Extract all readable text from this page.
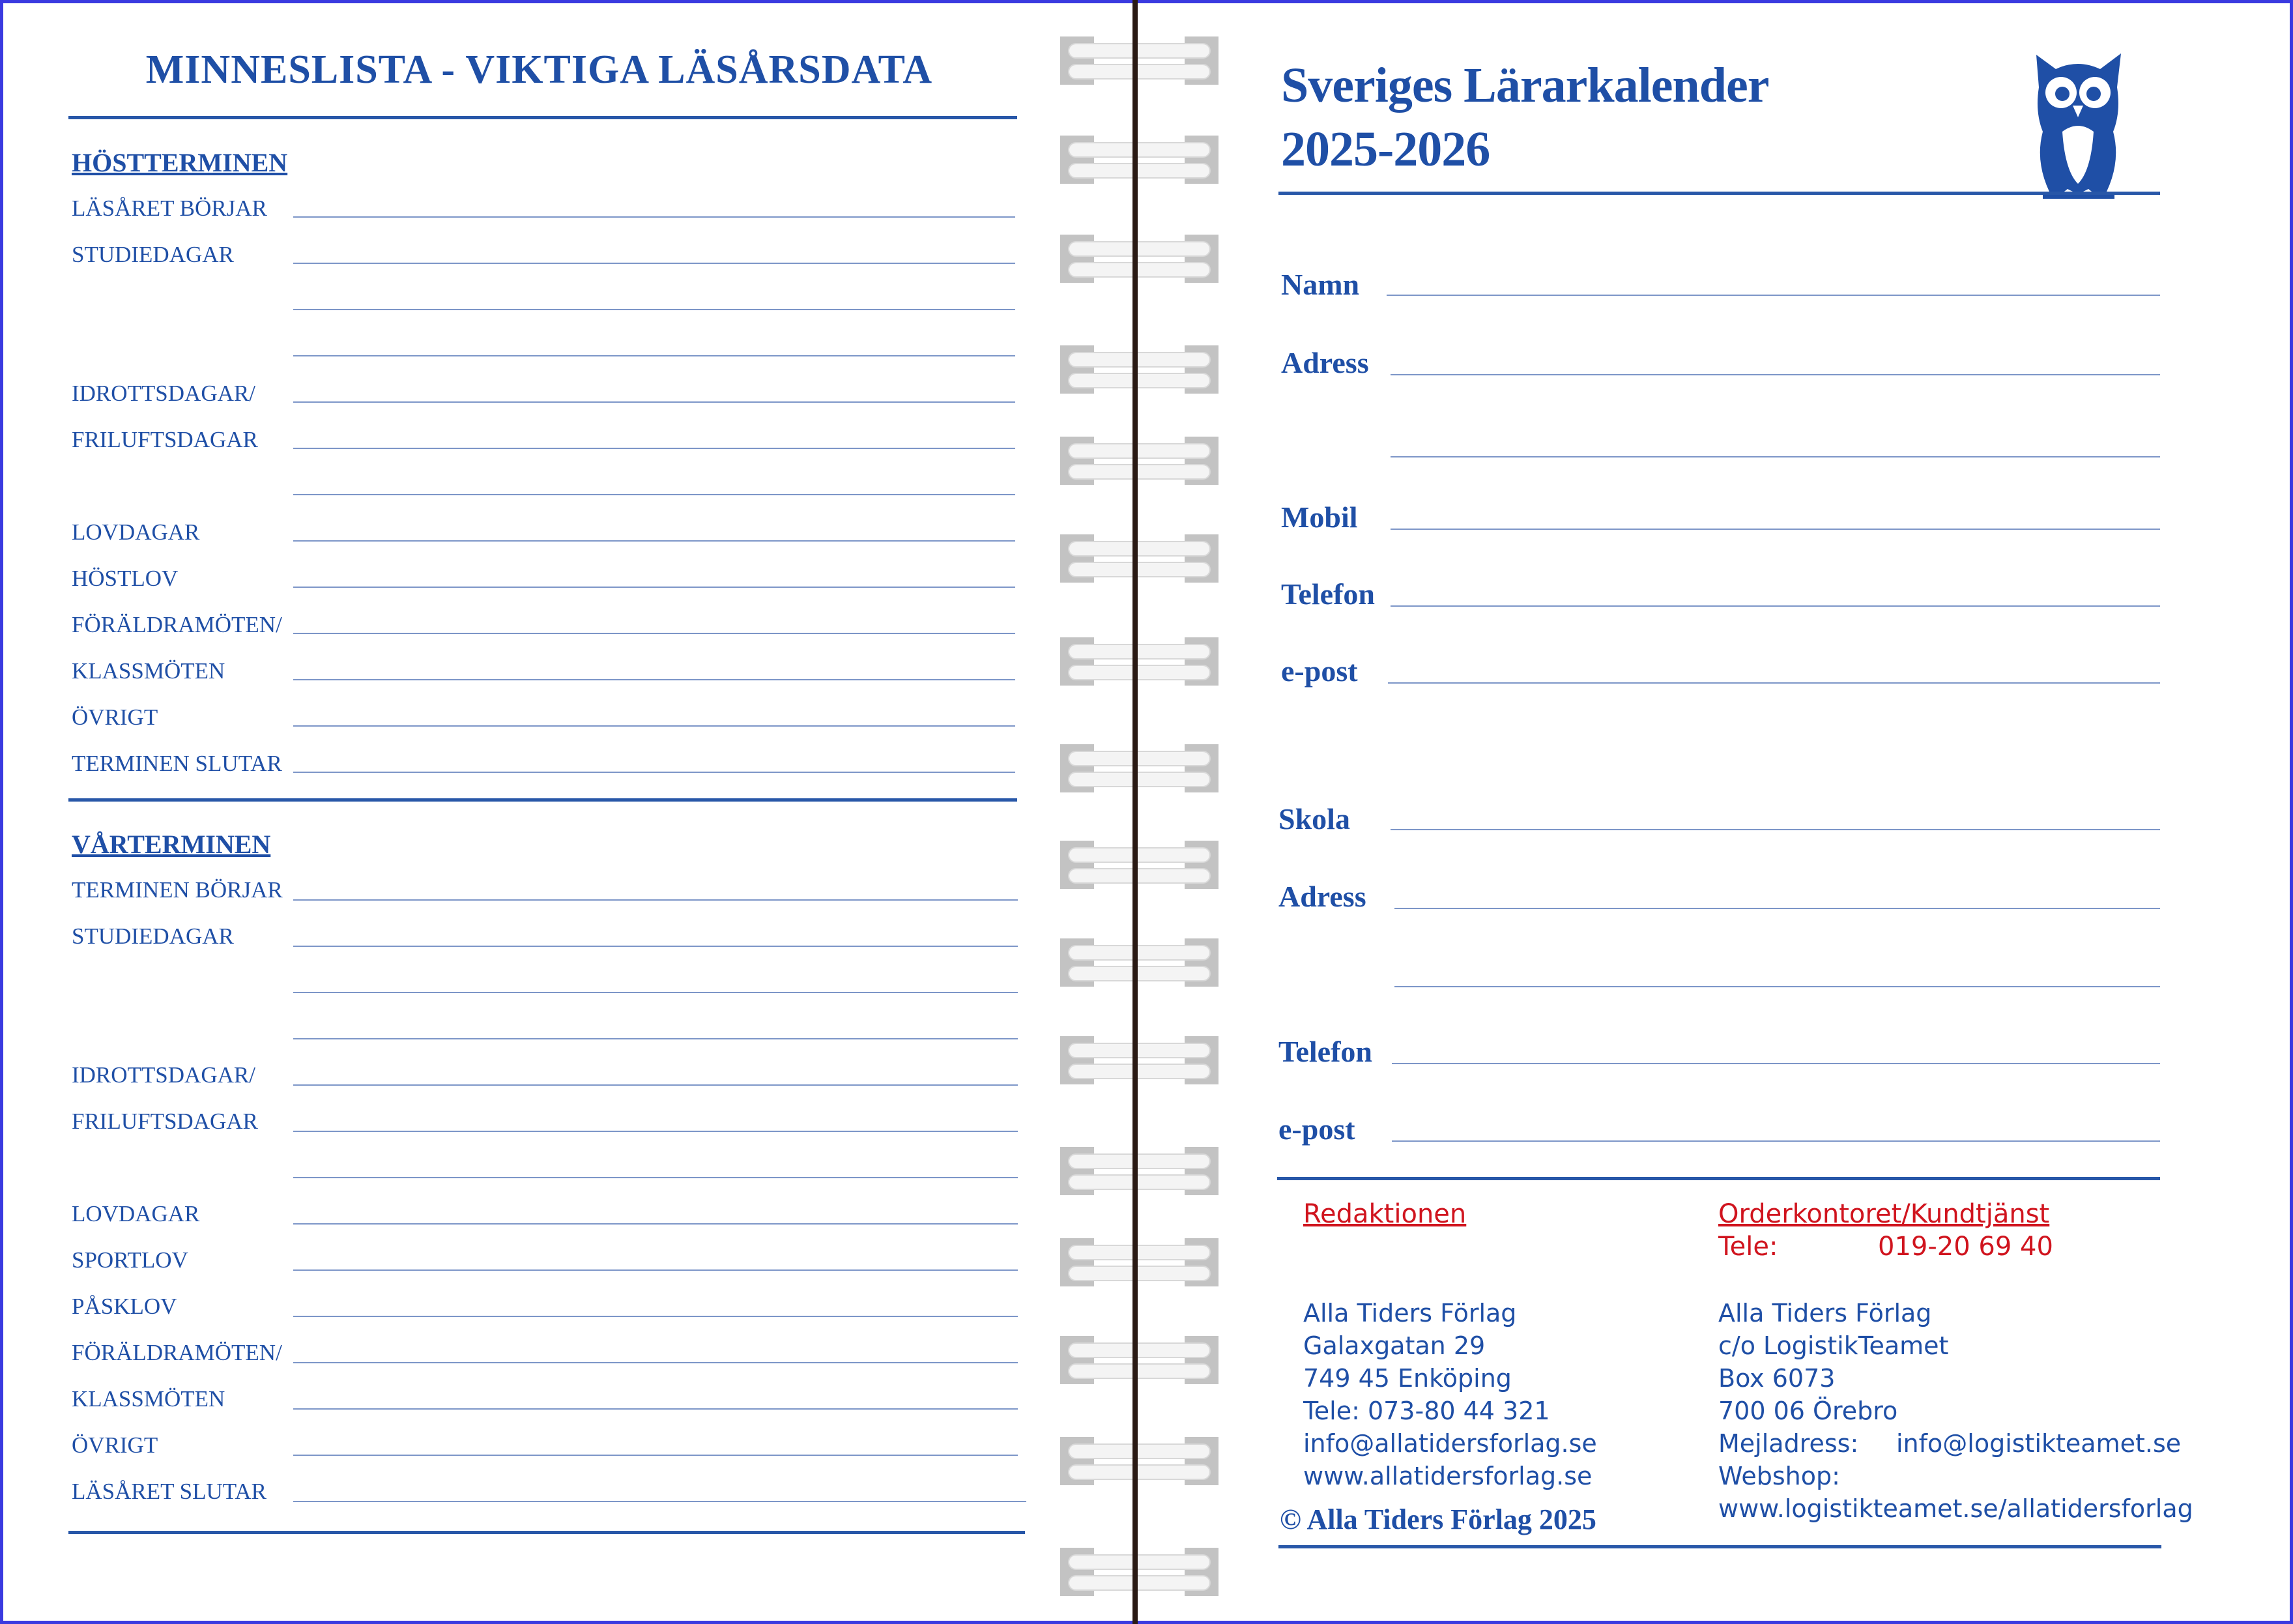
MINNESLISTA - VIKTIGA LÄSÅRSDATA
HÖSTTERMINEN
LÄSÅRET BÖRJAR
STUDIEDAGAR
IDROTTSDAGAR/
FRILUFTSDAGAR
LOVDAGAR
HÖSTLOV
FÖRÄLDRAMÖTEN/
KLASSMÖTEN
ÖVRIGT
TERMINEN SLUTAR
VÅRTERMINEN
TERMINEN BÖRJAR
STUDIEDAGAR
IDROTTSDAGAR/
FRILUFTSDAGAR
LOVDAGAR
SPORTLOV
PÅSKLOV
FÖRÄLDRAMÖTEN/
KLASSMÖTEN
ÖVRIGT
LÄSÅRET SLUTAR
Sveriges Lärarkalender
2025-2026
Namn
Adress
Mobil
Telefon
e-post
Skola
Adress
Telefon
e-post
Redaktionen
Alla Tiders Förlag
Galaxgatan 29
749 45 Enköping
Tele: 073-80 44 321
info@allatidersforlag.se
www.allatidersforlag.se
© Alla Tiders Förlag 2025
Orderkontoret/Kundtjänst
Tele:	019-20 69 40
Alla Tiders Förlag
c/o LogistikTeamet
Box 6073
700 06 Örebro
Mejladress: info@logistikteamet.se
Webshop:
www.logistikteamet.se/allatidersforlag
